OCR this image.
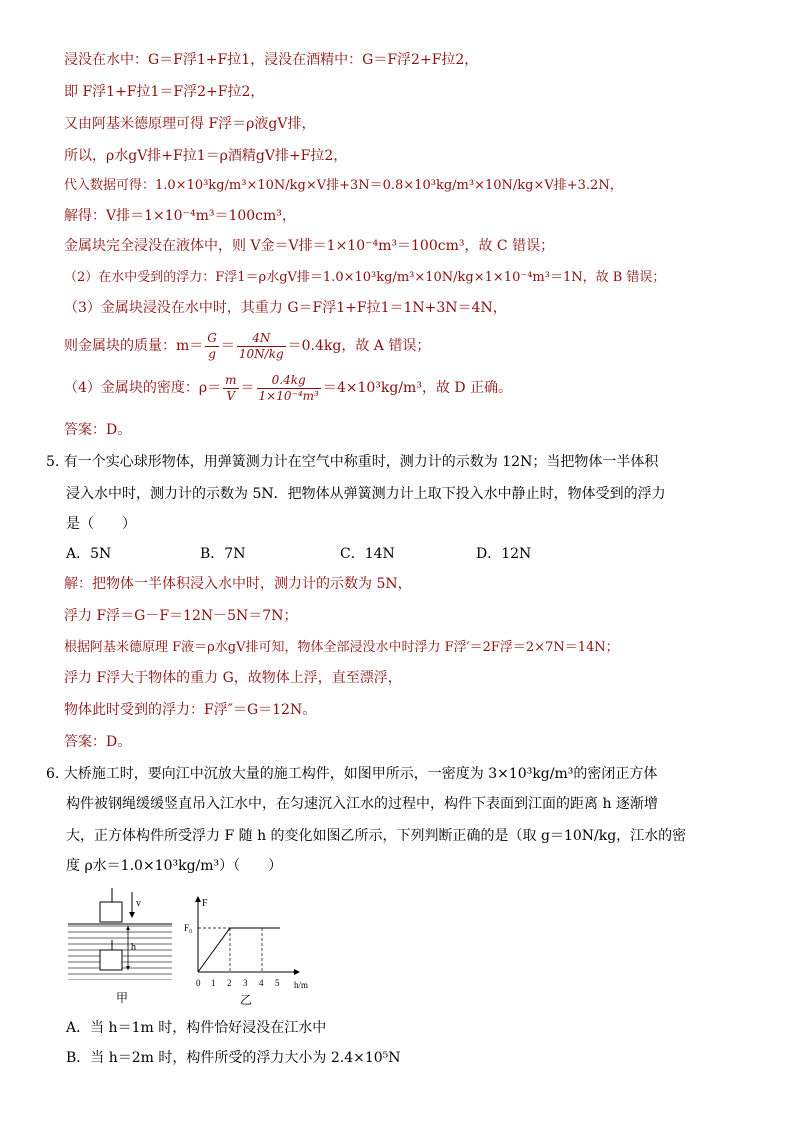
浸没在水中：G＝F浮1+F拉1，浸没在酒精中：G＝F浮2+F拉2，
即 F浮1+F拉1＝F浮2+F拉2，
又由阿基米德原理可得 F浮＝ρ液gV排，
所以，ρ水gV排+F拉1＝ρ酒精gV排+F拉2，
代入数据可得：1.0×10³kg/m³×10N/kg×V排+3N＝0.8×10³kg/m³×10N/kg×V排+3.2N，
解得：V排＝1×10⁻⁴m³＝100cm³，
金属块完全浸没在液体中，则 V金＝V排＝1×10⁻⁴m³＝100cm³，故 C 错误；
（2）在水中受到的浮力：F浮1＝ρ水gV排＝1.0×10³kg/m³×10N/kg×1×10⁻⁴m³＝1N，故 B 错误；
（3）金属块浸没在水中时，其重力 G＝F浮1+F拉1＝1N+3N＝4N，
则金属块的质量：$m= \frac{G}{g} = \frac{4N}{10N/kg} =0.4kg$，故 A 错误；
（4）金属块的密度：$\rho= \frac{m}{V} = \frac{0.4kg}{\text{1×10⁻⁴m³}} =4\times 10^3kg/m^3$，故 D 正确。
答案：D。
5. 有一个实心球形物体，用弹簧测力计在空气中称重时，测力计的示数为 12N；当把物体一半体积
浸入水中时，测力计的示数为 5N．把物体从弹簧测力计上取下投入水中静止时，物体受到的浮力
是（　　）
A．5N	B．7N	C．14N	D．12N
解：把物体一半体积浸入水中时，测力计的示数为 5N，
浮力 F浮＝G－F＝12N－5N＝7N；
根据阿基米德原理 F液＝ρ水gV排可知，物体全部浸没水中时浮力 F浮′＝2F浮＝2×7N＝14N；
浮力 F浮大于物体的重力 G，故物体上浮，直至漂浮，
物体此时受到的浮力：F浮″＝G＝12N。
答案：D。
6. 大桥施工时，要向江中沉放大量的施工构件，如图甲所示，一密度为 3×10³kg/m³的密闭正方体
构件被钢绳缓缓竖直吊入江水中，在匀速沉入江水的过程中，构件下表面到江面的距离 h 逐渐增
大，正方体构件所受浮力 F 随 h 的变化如图乙所示，下列判断正确的是（取 g＝10N/kg，江水的密
度 ρ水＝1.0×10³kg/m³）（　　）
v
h
甲
F
F₀
0 1 2 3 4 5 h/m
乙
A．当 h＝1m 时，构件恰好浸没在江水中
B．当 h＝2m 时，构件所受的浮力大小为 2.4×10⁵N
